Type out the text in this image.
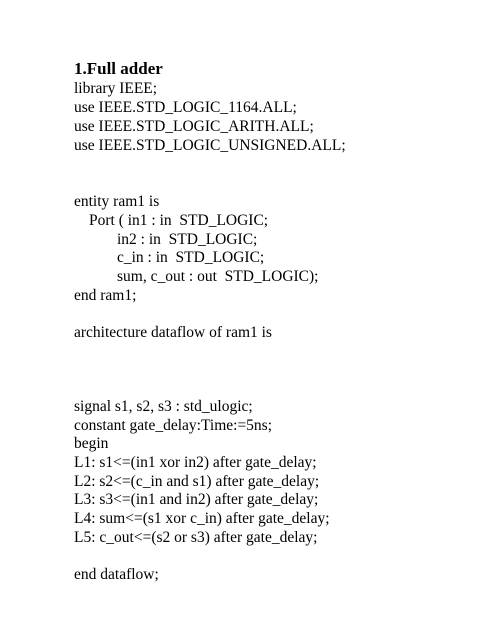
1.Full adder
library IEEE;
use IEEE.STD_LOGIC_1164.ALL;
use IEEE.STD_LOGIC_ARITH.ALL;
use IEEE.STD_LOGIC_UNSIGNED.ALL;
entity ram1 is
Port ( in1 : in  STD_LOGIC;
in2 : in  STD_LOGIC;
c_in : in  STD_LOGIC;
sum, c_out : out  STD_LOGIC);
end ram1;
architecture dataflow of ram1 is
signal s1, s2, s3 : std_ulogic;
constant gate_delay:Time:=5ns;
begin
L1: s1<=(in1 xor in2) after gate_delay;
L2: s2<=(c_in and s1) after gate_delay;
L3: s3<=(in1 and in2) after gate_delay;
L4: sum<=(s1 xor c_in) after gate_delay;
L5: c_out<=(s2 or s3) after gate_delay;
end dataflow;
